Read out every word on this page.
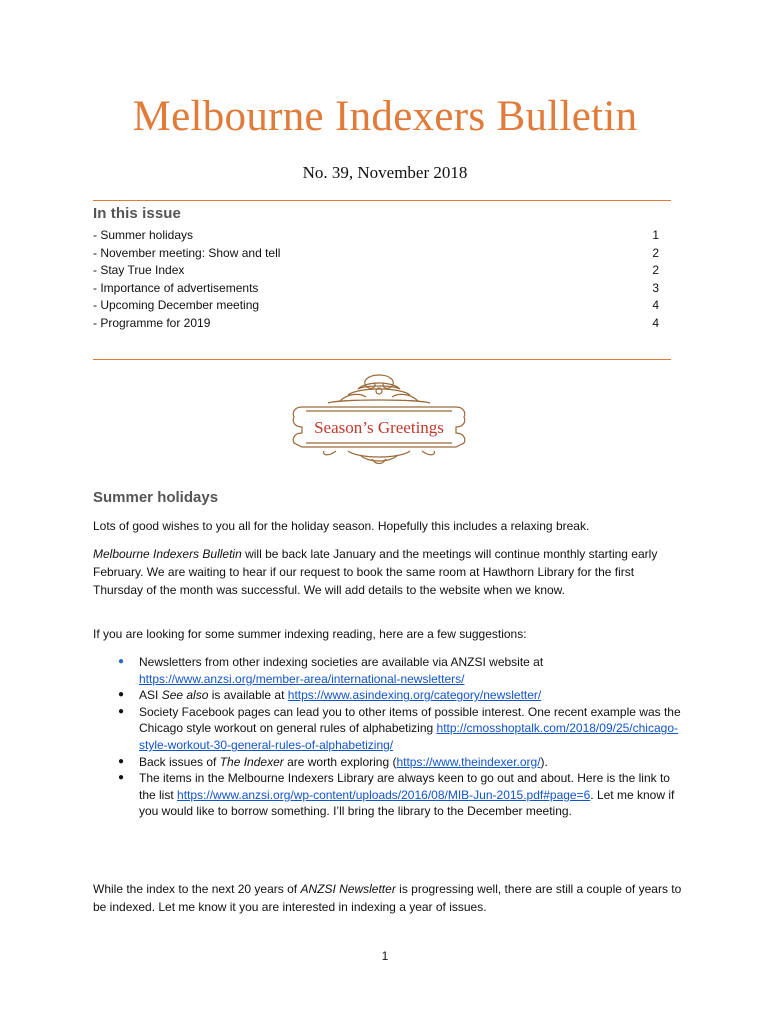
Melbourne Indexers Bulletin
No. 39, November 2018
In this issue
- Summer holidays	1
- November meeting: Show and tell	2
- Stay True Index	2
- Importance of advertisements	3
- Upcoming December meeting	4
- Programme for 2019	4
Season’s Greetings
Summer holidays
Lots of good wishes to you all for the holiday season. Hopefully this includes a relaxing break.
Melbourne Indexers Bulletin will be back late January and the meetings will continue monthly starting early February. We are waiting to hear if our request to book the same room at Hawthorn Library for the first Thursday of the month was successful. We will add details to the website when we know.
If you are looking for some summer indexing reading, here are a few suggestions:
●	Newsletters from other indexing societies are available via ANZSI website at https://www.anzsi.org/member-area/international-newsletters/
●	ASI See also is available at https://www.asindexing.org/category/newsletter/
●	Society Facebook pages can lead you to other items of possible interest. One recent example was the Chicago style workout on general rules of alphabetizing http://cmosshoptalk.com/2018/09/25/chicago-style-workout-30-general-rules-of-alphabetizing/
●	Back issues of The Indexer are worth exploring (https://www.theindexer.org/).
●	The items in the Melbourne Indexers Library are always keen to go out and about. Here is the link to the list https://www.anzsi.org/wp-content/uploads/2016/08/MIB-Jun-2015.pdf#page=6. Let me know if you would like to borrow something. I’ll bring the library to the December meeting.
While the index to the next 20 years of ANZSI Newsletter is progressing well, there are still a couple of years to be indexed. Let me know it you are interested in indexing a year of issues.
1
